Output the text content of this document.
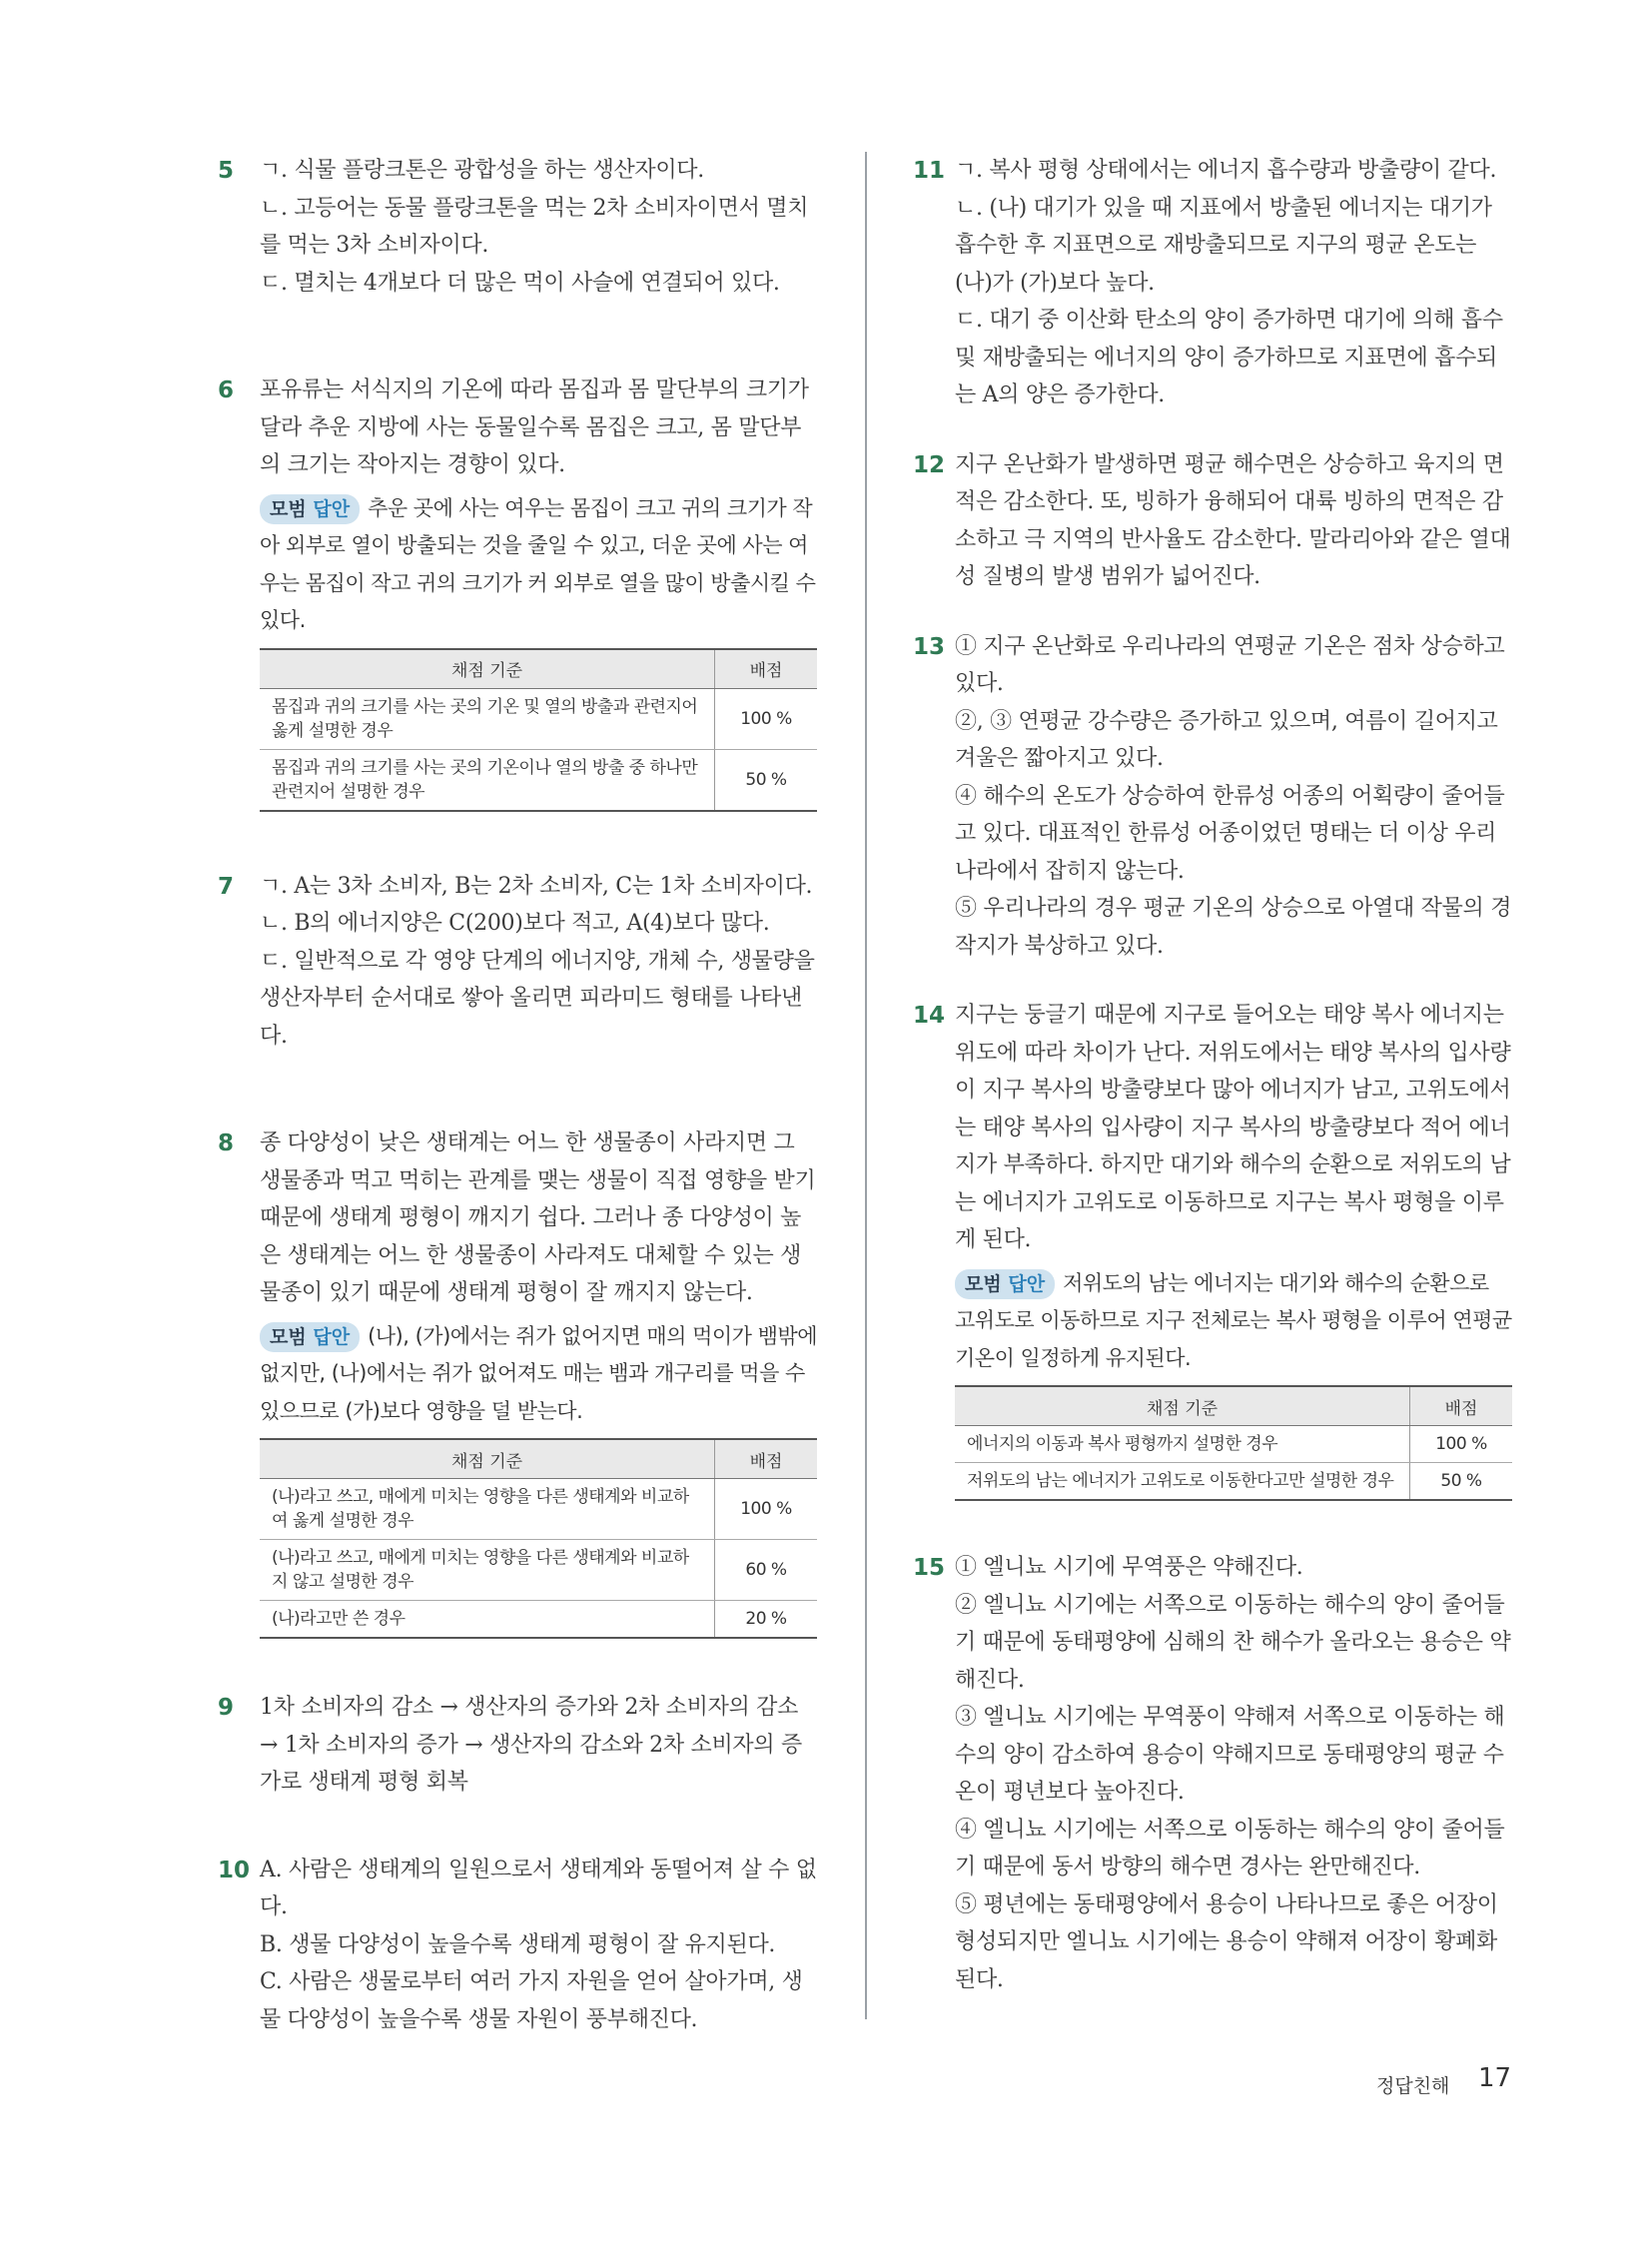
5 ㄱ. 식물 플랑크톤은 광합성을 하는 생산자이다.

ㄴ. 고등어는 동물 플랑크톤을 먹는 2차 소비자이면서 멸치를 먹는 3차 소비자이다.

ㄷ. 멸치는 4개보다 더 많은 먹이 사슬에 연결되어 있다.

6 포유류는 서식지의 기온에 따라 몸집과 몸 말단부의 크기가 달라 추운 지방에 사는 동물일수록 몸집은 크고, 몸 말단부의 크기는 작아지는 경향이 있다.

모범 답안 추운 곳에 사는 여우는 몸집이 크고 귀의 크기가 작아 외부로 열이 방출되는 것을 줄일 수 있고, 더운 곳에 사는 여우는 몸집이 작고 귀의 크기가 커 외부로 열을 많이 방출시킬 수 있다.
채점 기준	배점
몸집과 귀의 크기를 사는 곳의 기온 및 열의 방출과 관련지어 옳게 설명한 경우	100 %
몸집과 귀의 크기를 사는 곳의 기온이나 열의 방출 중 하나만 관련지어 설명한 경우	50 %
7 ㄱ. A는 3차 소비자, B는 2차 소비자, C는 1차 소비자이다.

ㄴ. B의 에너지양은 C(200)보다 적고, A(4)보다 많다.

ㄷ. 일반적으로 각 영양 단계의 에너지양, 개체 수, 생물량을 생산자부터 순서대로 쌓아 올리면 피라미드 형태를 나타낸다.

8 종 다양성이 낮은 생태계는 어느 한 생물종이 사라지면 그 생물종과 먹고 먹히는 관계를 맺는 생물이 직접 영향을 받기 때문에 생태계 평형이 깨지기 쉽다. 그러나 종 다양성이 높은 생태계는 어느 한 생물종이 사라져도 대체할 수 있는 생물종이 있기 때문에 생태계 평형이 잘 깨지지 않는다.

모범 답안 (나), (가)에서는 쥐가 없어지면 매의 먹이가 뱀밖에 없지만, (나)에서는 쥐가 없어져도 매는 뱀과 개구리를 먹을 수 있으므로 (가)보다 영향을 덜 받는다.
채점 기준	배점
(나)라고 쓰고, 매에게 미치는 영향을 다른 생태계와 비교하여 옳게 설명한 경우	100 %
(나)라고 쓰고, 매에게 미치는 영향을 다른 생태계와 비교하지 않고 설명한 경우	60 %
(나)라고만 쓴 경우	20 %
9 1차 소비자의 감소 → 생산자의 증가와 2차 소비자의 감소 → 1차 소비자의 증가 → 생산자의 감소와 2차 소비자의 증가로 생태계 평형 회복

10 A. 사람은 생태계의 일원으로서 생태계와 동떨어져 살 수 없다.

B. 생물 다양성이 높을수록 생태계 평형이 잘 유지된다.

C. 사람은 생물로부터 여러 가지 자원을 얻어 살아가며, 생물 다양성이 높을수록 생물 자원이 풍부해진다.

11 ㄱ. 복사 평형 상태에서는 에너지 흡수량과 방출량이 같다.

ㄴ. (나) 대기가 있을 때 지표에서 방출된 에너지는 대기가 흡수한 후 지표면으로 재방출되므로 지구의 평균 온도는 (나)가 (가)보다 높다.

ㄷ. 대기 중 이산화 탄소의 양이 증가하면 대기에 의해 흡수 및 재방출되는 에너지의 양이 증가하므로 지표면에 흡수되는 A의 양은 증가한다.

12 지구 온난화가 발생하면 평균 해수면은 상승하고 육지의 면적은 감소한다. 또, 빙하가 융해되어 대륙 빙하의 면적은 감소하고 극 지역의 반사율도 감소한다. 말라리아와 같은 열대성 질병의 발생 범위가 넓어진다.

13 ① 지구 온난화로 우리나라의 연평균 기온은 점차 상승하고 있다.

②, ③ 연평균 강수량은 증가하고 있으며, 여름이 길어지고 겨울은 짧아지고 있다.

④ 해수의 온도가 상승하여 한류성 어종의 어획량이 줄어들고 있다. 대표적인 한류성 어종이었던 명태는 더 이상 우리나라에서 잡히지 않는다.

⑤ 우리나라의 경우 평균 기온의 상승으로 아열대 작물의 경작지가 북상하고 있다.

14 지구는 둥글기 때문에 지구로 들어오는 태양 복사 에너지는 위도에 따라 차이가 난다. 저위도에서는 태양 복사의 입사량이 지구 복사의 방출량보다 많아 에너지가 남고, 고위도에서는 태양 복사의 입사량이 지구 복사의 방출량보다 적어 에너지가 부족하다. 하지만 대기와 해수의 순환으로 저위도의 남는 에너지가 고위도로 이동하므로 지구는 복사 평형을 이루게 된다.

모범 답안 저위도의 남는 에너지는 대기와 해수의 순환으로 고위도로 이동하므로 지구 전체로는 복사 평형을 이루어 연평균 기온이 일정하게 유지된다.
채점 기준	배점
에너지의 이동과 복사 평형까지 설명한 경우	100 %
저위도의 남는 에너지가 고위도로 이동한다고만 설명한 경우	50 %
15 ① 엘니뇨 시기에 무역풍은 약해진다.

② 엘니뇨 시기에는 서쪽으로 이동하는 해수의 양이 줄어들기 때문에 동태평양에 심해의 찬 해수가 올라오는 용승은 약해진다.

③ 엘니뇨 시기에는 무역풍이 약해져 서쪽으로 이동하는 해수의 양이 감소하여 용승이 약해지므로 동태평양의 평균 수온이 평년보다 높아진다.

④ 엘니뇨 시기에는 서쪽으로 이동하는 해수의 양이 줄어들기 때문에 동서 방향의 해수면 경사는 완만해진다.

⑤ 평년에는 동태평양에서 용승이 나타나므로 좋은 어장이 형성되지만 엘니뇨 시기에는 용승이 약해져 어장이 황폐화된다.

정답친해 17
